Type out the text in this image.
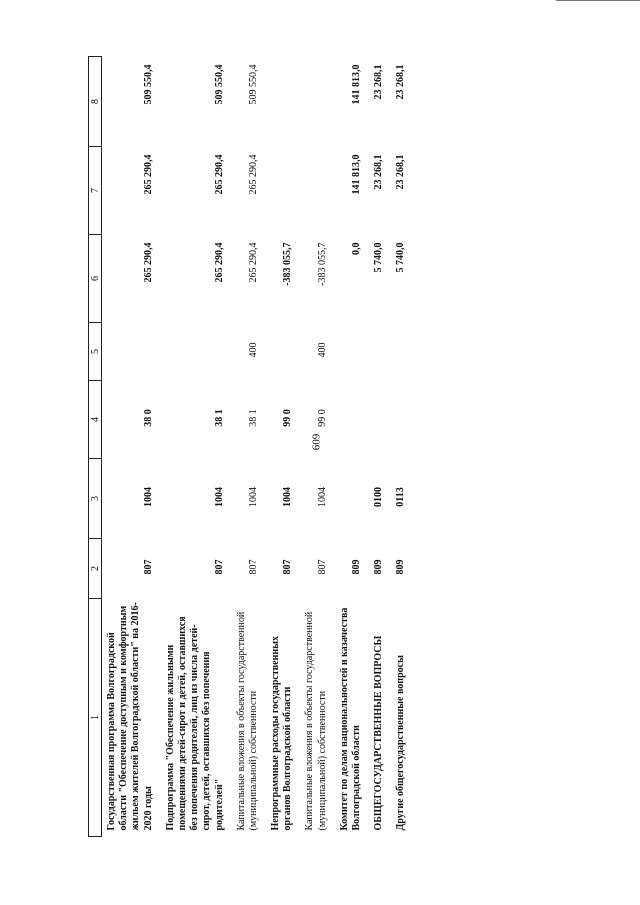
609
1	2	3	4	5	6	7	8
Государственная программа Волгоградской области "Обеспечение доступным и комфортным жильем жителей Волгоградской области" на 2016-2020 годы	807	1004	38 0		265 290,4	265 290,4	509 550,4
Подпрограмма "Обеспечение жильными помещениями детей-сирот и детей, оставшихся без попечения родителей, лиц из числа детей-сирот, детей, оставшихся без попечения родителей"	807	1004	38 1		265 290,4	265 290,4	509 550,4
Капитальные вложения в объекты государственной (муниципальной) собственности	807	1004	38 1	400	265 290,4	265 290,4	509 550,4
Непрограммные расходы государственных органов Волгоградской области	807	1004	99 0		-383 055,7		
Капитальные вложения в объекты государственной (муниципальной) собственности	807	1004	99 0	400	-383 055,7		
Комитет по делам национальностей и казачества Волгоградской области	809				0,0	141 813,0	141 813,0
ОБЩЕГОСУДАРСТВЕННЫЕ ВОПРОСЫ	809	0100			5 740,0	23 268,1	23 268,1
Другие общегосударственные вопросы	809	0113			5 740,0	23 268,1	23 268,1
